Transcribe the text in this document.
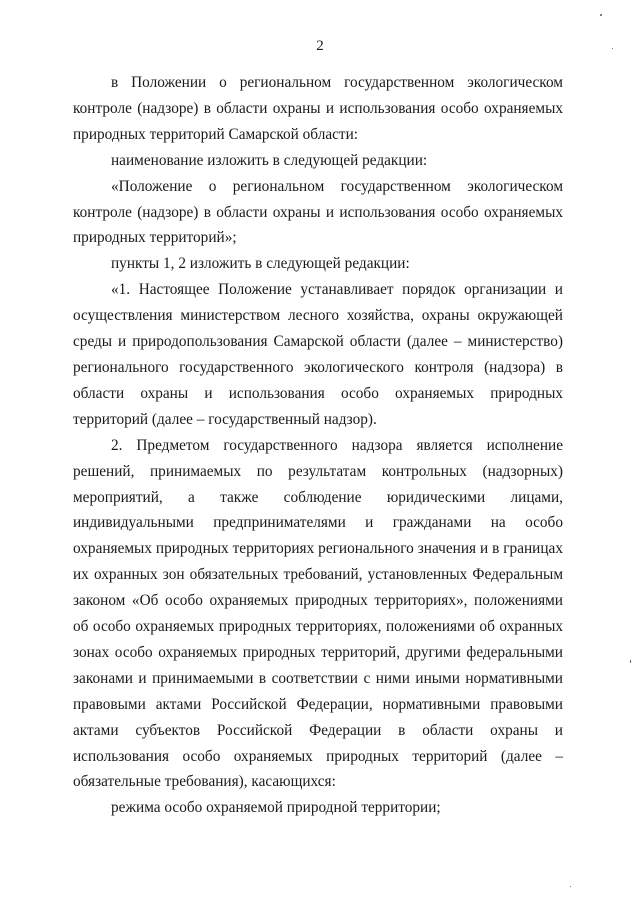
2

в Положении о региональном государственном экологическом контроле (надзоре) в области охраны и использования особо охраняемых природных территорий Самарской области:

наименование изложить в следующей редакции:

«Положение о региональном государственном экологическом контроле (надзоре) в области охраны и использования особо охраняемых природных территорий»;

пункты 1, 2 изложить в следующей редакции:

«1. Настоящее Положение устанавливает порядок организации и осуществления министерством лесного хозяйства, охраны окружающей среды и природопользования Самарской области (далее – министерство) регионального государственного экологического контроля (надзора) в области охраны и использования особо охраняемых природных территорий (далее – государственный надзор).

2. Предметом государственного надзора является исполнение решений, принимаемых по результатам контрольных (надзорных) мероприятий, а также соблюдение юридическими лицами, индивидуальными предпринимателями и гражданами на особо охраняемых природных территориях регионального значения и в границах их охранных зон обязательных требований, установленных Федеральным законом «Об особо охраняемых природных территориях», положениями об особо охраняемых природных территориях, положениями об охранных зонах особо охраняемых природных территорий, другими федеральными законами и принимаемыми в соответствии с ними иными нормативными правовыми актами Российской Федерации, нормативными правовыми актами субъектов Российской Федерации в области охраны и использования особо охраняемых природных территорий (далее – обязательные требования), касающихся:

режима особо охраняемой природной территории;
